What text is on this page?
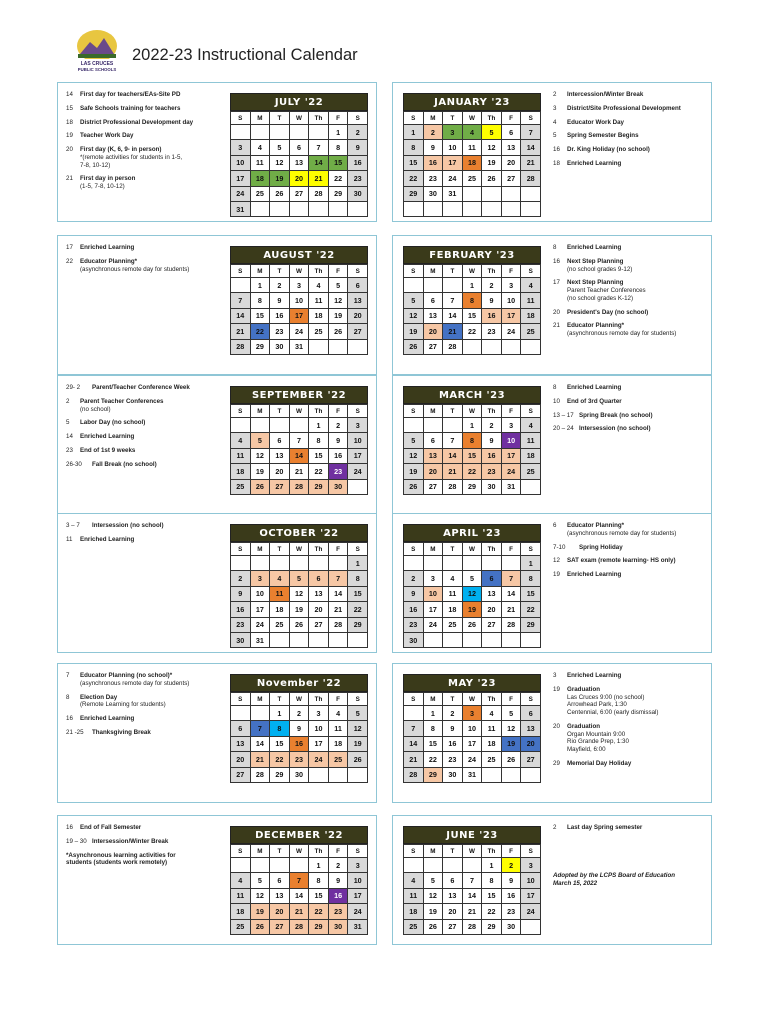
LAS CRUCES
PUBLIC SCHOOLS
2022-23 Instructional Calendar
14	First day for teachers/EAs-Site PD
15	Safe Schools training for teachers
18	District Professional Development day
19	Teacher Work Day
20	First day (K, 6, 9- in person)
*(remote activities for students in 1-5,
7-8, 10-12)
21	First day in person
(1-5, 7-8, 10-12)
JULY '22
S	M	T	W	Th	F	S
					1	2
3	4	5	6	7	8	9
10	11	12	13	14	15	16
17	18	19	20	21	22	23
24	25	26	27	28	29	30
31						
2	Intercession/Winter Break
3	District/Site Professional Development
4	Educator Work Day
5	Spring Semester Begins
16	Dr. King Holiday (no school)
18	Enriched Learning
JANUARY '23
S	M	T	W	Th	F	S
1	2	3	4	5	6	7
8	9	10	11	12	13	14
15	16	17	18	19	20	21
22	23	24	25	26	27	28
29	30	31				

17	Enriched Learning
22	Educator Planning*
(asynchronous remote day for students)
AUGUST '22
S	M	T	W	Th	F	S
	1	2	3	4	5	6
7	8	9	10	11	12	13
14	15	16	17	18	19	20
21	22	23	24	25	26	27
28	29	30	31			
8	Enriched Learning
16	Next Step Planning
(no school grades 9-12)
17	Next Step Planning
Parent Teacher Conferences
(no school grades K-12)
20	President's Day (no school)
21	Educator Planning*
(asynchronous remote day for students)
FEBRUARY '23
S	M	T	W	Th	F	S
			1	2	3	4
5	6	7	8	9	10	11
12	13	14	15	16	17	18
19	20	21	22	23	24	25
26	27	28				
29- 2	Parent/Teacher Conference Week
2	Parent Teacher Conferences
(no school)
5	Labor Day (no school)
14	Enriched Learning
23	End of 1st 9 weeks
26-30	Fall Break (no school)
SEPTEMBER '22
S	M	T	W	Th	F	S
				1	2	3
4	5	6	7	8	9	10
11	12	13	14	15	16	17
18	19	20	21	22	23	24
25	26	27	28	29	30	
8	Enriched Learning
10	End of 3rd Quarter
13 – 17 Spring Break (no school)
20 – 24 Intersession (no school)
MARCH '23
S	M	T	W	Th	F	S
			1	2	3	4
5	6	7	8	9	10	11
12	13	14	15	16	17	18
19	20	21	22	23	24	25
26	27	28	29	30	31	
3 – 7	Intersession (no school)
11	Enriched Learning
OCTOBER '22
S	M	T	W	Th	F	S
						1
2	3	4	5	6	7	8
9	10	11	12	13	14	15
16	17	18	19	20	21	22
23	24	25	26	27	28	29
30	31					
6	Educator Planning*
(asynchronous remote day for students)
7-10	Spring Holiday
12	SAT exam (remote learning- HS only)
19	Enriched Learning
APRIL '23
S	M	T	W	Th	F	S
						1
2	3	4	5	6	7	8
9	10	11	12	13	14	15
16	17	18	19	20	21	22
23	24	25	26	27	28	29
30						
7	Educator Planning (no school)*
(asynchronous remote day for students)
8	Election Day
(Remote Learning for students)
16	Enriched Learning
21 -25	Thanksgiving Break
November '22
S	M	T	W	Th	F	S
		1	2	3	4	5
6	7	8	9	10	11	12
13	14	15	16	17	18	19
20	21	22	23	24	25	26
27	28	29	30			
3	Enriched Learning
19	Graduation
Las Cruces 9:00 (no school)
Arrowhead Park, 1:30
Centennial, 6:00 (early dismissal)
20	Graduation
Organ Mountain 9:00
Rio Grande Prep, 1:30
Mayfield, 6:00
29	Memorial Day Holiday
MAY '23
S	M	T	W	Th	F	S
	1	2	3	4	5	6
7	8	9	10	11	12	13
14	15	16	17	18	19	20
21	22	23	24	25	26	27
28	29	30	31			
16	End of Fall Semester
19 – 30 Intersession/Winter Break
*Asynchronous learning activities for
students (students work remotely)
DECEMBER '22
S	M	T	W	Th	F	S
				1	2	3
4	5	6	7	8	9	10
11	12	13	14	15	16	17
18	19	20	21	22	23	24
25	26	27	28	29	30	31
2	Last day Spring semester
Adopted by the LCPS Board of Education
March 15, 2022
JUNE '23
S	M	T	W	Th	F	S
				1	2	3
4	5	6	7	8	9	10
11	12	13	14	15	16	17
18	19	20	21	22	23	24
25	26	27	28	29	30	
